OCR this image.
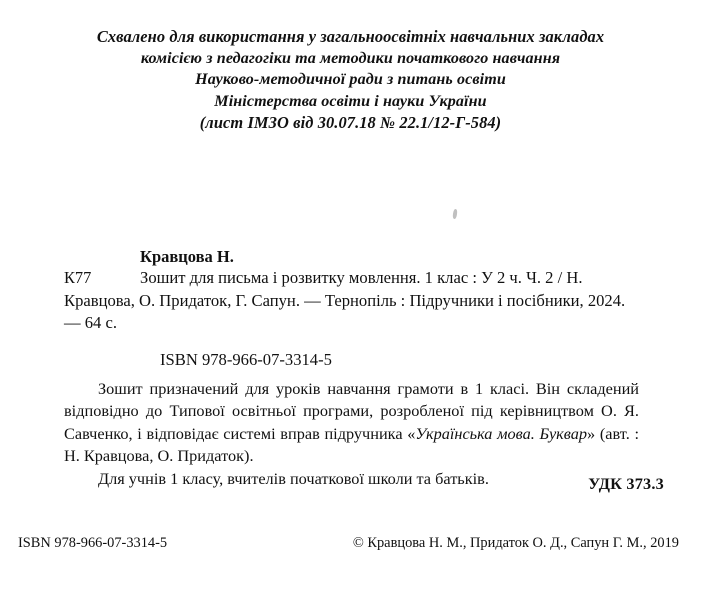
Схвалено для використання у загальноосвітніх навчальних закладах
комісією з педагогіки та методики початкового навчання
Науково-методичної ради з питань освіти
Міністерства освіти і науки України
(лист ІМЗО від 30.07.18 № 22.1/12-Г-584)
Кравцова Н.
К77	Зошит для письма і розвитку мовлення. 1 клас : У 2 ч. Ч. 2 / Н. Кравцова, О. Придаток, Г. Сапун. — Тернопіль : Підручники і посібники, 2024. — 64 с.
ISBN 978-966-07-3314-5

Зошит призначений для уроків навчання грамоти в 1 класі. Він складений відповідно до Типової освітньої програми, розробленої під керівництвом О. Я. Савченко, і відповідає системі вправ підручника «Українська мова. Буквар» (авт. : Н. Кравцова, О. Придаток).

Для учнів 1 класу, вчителів початкової школи та батьків.	УДК 373.3
ISBN 978-966-07-3314-5	© Кравцова Н. М., Придаток О. Д., Сапун Г. М., 2019
